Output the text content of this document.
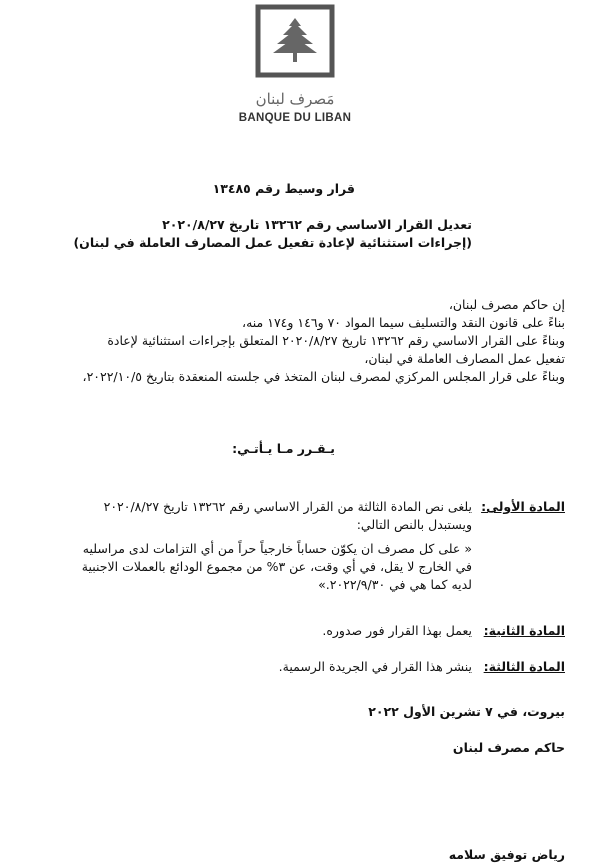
مَصرف لبنان
BANQUE DU LIBAN
قرار وسيط رقم ١٣٤٨٥
تعديل القرار الاساسي رقم ١٣٢٦٢ تاريخ ٢٠٢٠/٨/٢٧
(إجراءات استثنائية لإعادة تفعيل عمل المصارف العاملة في لبنان)
إن حاكم مصرف لبنان،
بناءً على قانون النقد والتسليف سيما المواد ٧٠ و١٤٦ و١٧٤ منه،
وبناءً على القرار الاساسي رقم ١٣٢٦٢ تاريخ ٢٠٢٠/٨/٢٧ المتعلق بإجراءات استثنائية لإعادة
تفعيل عمل المصارف العاملة في لبنان،
وبناءً على قرار المجلس المركزي لمصرف لبنان المتخذ في جلسته المنعقدة بتاريخ ٢٠٢٢/١٠/٥،
يـقـرر مـا يـأتـي:
المادة الأولى:
يلغى نص المادة الثالثة من القرار الاساسي رقم ١٣٢٦٢ تاريخ ٢٠٢٠/٨/٢٧
ويستبدل بالنص التالي:
« على كل مصرف ان يكوّن حساباً خارجياً حراً من أي التزامات لدى مراسليه
في الخارج لا يقل، في أي وقت، عن ٣% من مجموع الودائع بالعملات الاجنبية
لديه كما هي في ٢٠٢٢/٩/٣٠.»
المادة الثانية:
يعمل بهذا القرار فور صدوره.
المادة الثالثة:
ينشر هذا القرار في الجريدة الرسمية.
بيروت، في ٧ تشرين الأول ٢٠٢٢
حاكم مصرف لبنان
رياض توفيق سلامه
